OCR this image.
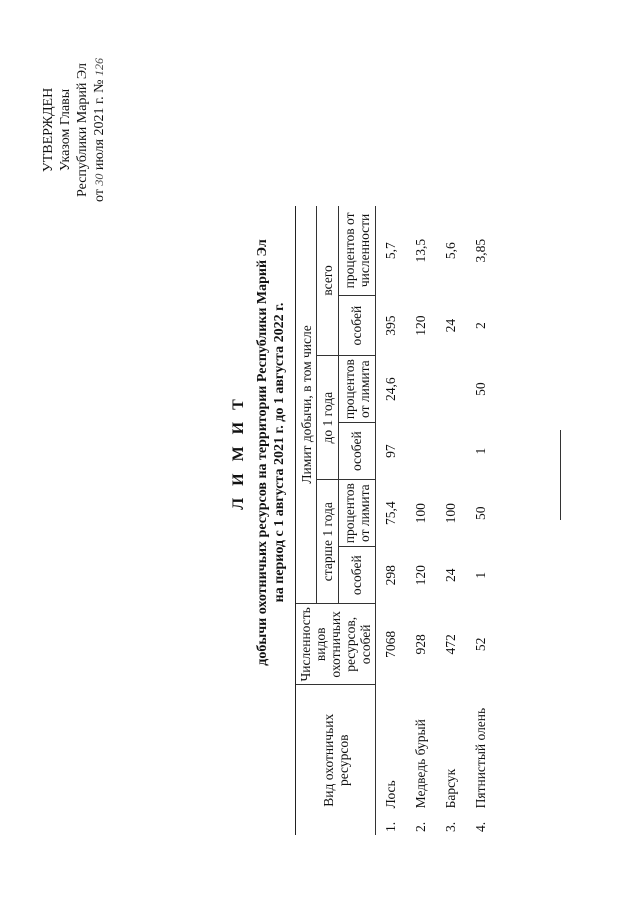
УТВЕРЖДЕН Указом Главы Республики Марий Эл от 30 июля 2021 г. № 126
Л И М И Т добычи охотничьих ресурсов на территории Республики Марий Эл на период с 1 августа 2021 г. до 1 августа 2022 г.
Вид охотничьих ресурсов	Численность видов охотничьих ресурсов, особей	Лимит добычи, в том числе					
		старше 1 года		до 1 года		всего	
		особей	процентов от лимита	особей	процентов от лимита	особей	процентов от численности
1.    Лось	7068	298	75,4	97	24,6	395	5,7
2.    Медведь бурый	928	120	100			120	13,5
3.    Барсук	472	24	100			24	5,6
4.    Пятнистый олень	52	1	50	1	50	2	3,85
